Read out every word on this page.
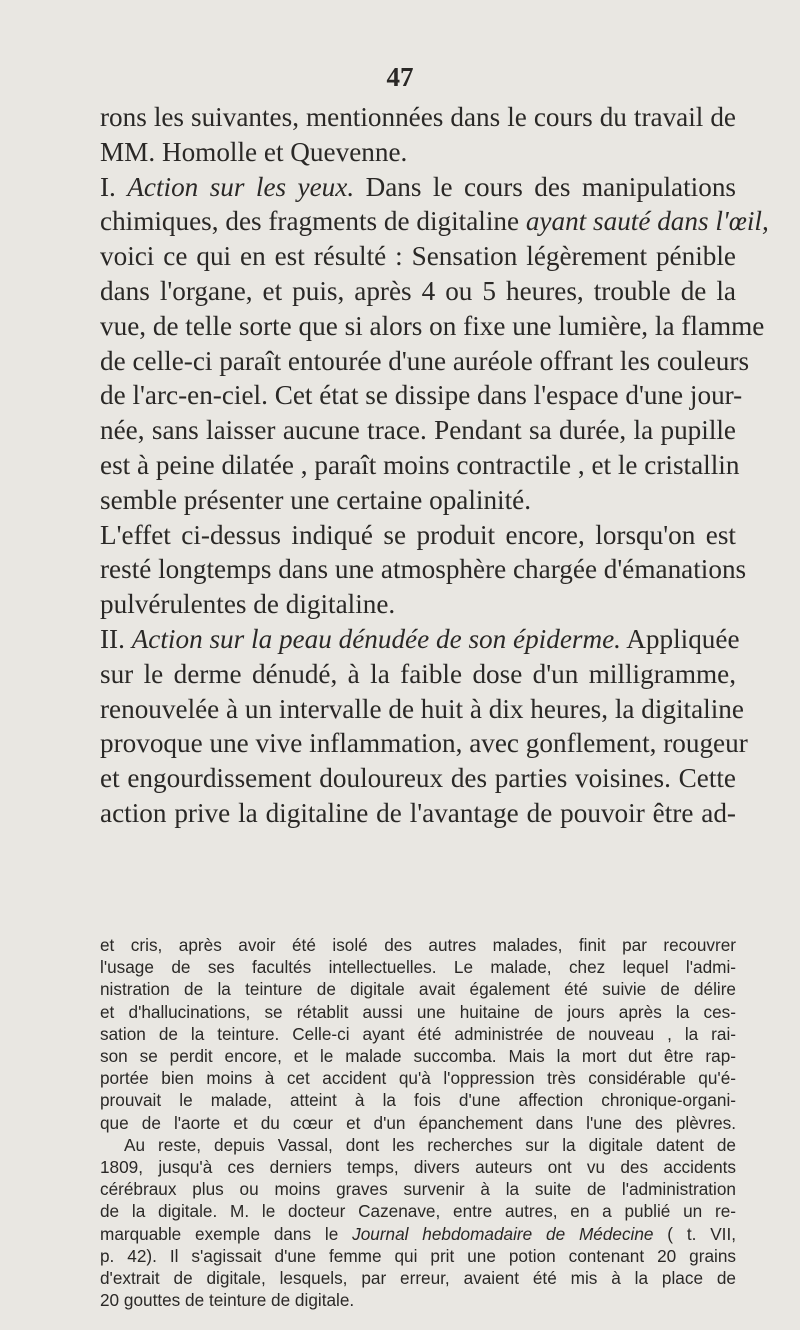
47
rons les suivantes, mentionnées dans le cours du travail de
MM. Homolle et Quevenne.
I. Action sur les yeux. Dans le cours des manipulations
chimiques, des fragments de digitaline ayant sauté dans l'œil,
voici ce qui en est résulté : Sensation légèrement pénible
dans l'organe, et puis, après 4 ou 5 heures, trouble de la
vue, de telle sorte que si alors on fixe une lumière, la flamme
de celle-ci paraît entourée d'une auréole offrant les couleurs
de l'arc-en-ciel. Cet état se dissipe dans l'espace d'une jour-
née, sans laisser aucune trace. Pendant sa durée, la pupille
est à peine dilatée , paraît moins contractile , et le cristallin
semble présenter une certaine opalinité.
L'effet ci-dessus indiqué se produit encore, lorsqu'on est
resté longtemps dans une atmosphère chargée d'émanations
pulvérulentes de digitaline.
II. Action sur la peau dénudée de son épiderme. Appliquée
sur le derme dénudé, à la faible dose d'un milligramme,
renouvelée à un intervalle de huit à dix heures, la digitaline
provoque une vive inflammation, avec gonflement, rougeur
et engourdissement douloureux des parties voisines. Cette
action prive la digitaline de l'avantage de pouvoir être ad-
et cris, après avoir été isolé des autres malades, finit par recouvrer
l'usage de ses facultés intellectuelles. Le malade, chez lequel l'admi-
nistration de la teinture de digitale avait également été suivie de délire
et d'hallucinations, se rétablit aussi une huitaine de jours après la ces-
sation de la teinture. Celle-ci ayant été administrée de nouveau , la rai-
son se perdit encore, et le malade succomba. Mais la mort dut être rap-
portée bien moins à cet accident qu'à l'oppression très considérable qu'é-
prouvait le malade, atteint à la fois d'une affection chronique-organi-
que de l'aorte et du cœur et d'un épanchement dans l'une des plèvres.
Au reste, depuis Vassal, dont les recherches sur la digitale datent de
1809, jusqu'à ces derniers temps, divers auteurs ont vu des accidents
cérébraux plus ou moins graves survenir à la suite de l'administration
de la digitale. M. le docteur Cazenave, entre autres, en a publié un re-
marquable exemple dans le Journal hebdomadaire de Médecine ( t. VII,
p. 42). Il s'agissait d'une femme qui prit une potion contenant 20 grains
d'extrait de digitale, lesquels, par erreur, avaient été mis à la place de
20 gouttes de teinture de digitale.
